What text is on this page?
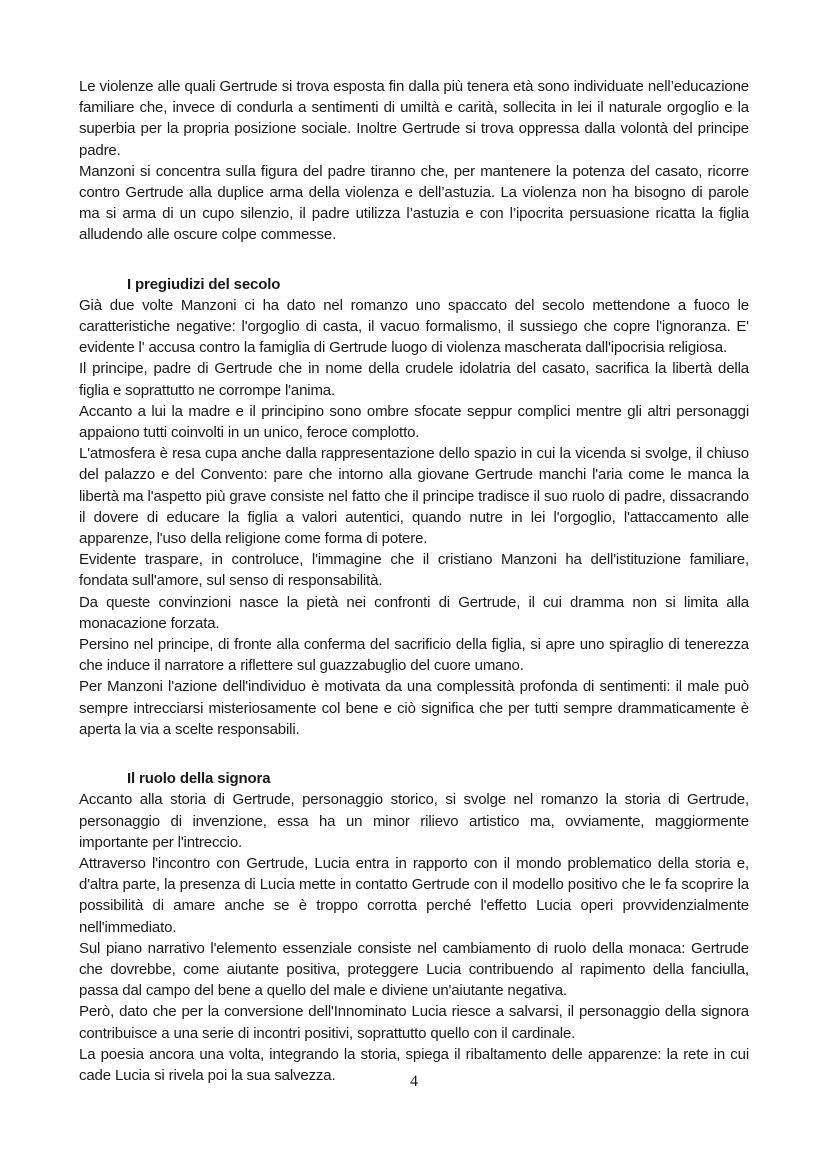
Le violenze alle quali Gertrude si trova esposta fin dalla più tenera età sono individuate nell’educazione familiare che, invece di condurla a sentimenti di umiltà e carità, sollecita in lei il naturale orgoglio e la superbia per la propria posizione sociale. Inoltre Gertrude si trova oppressa dalla volontà del principe padre.

Manzoni si concentra sulla figura del padre tiranno che, per mantenere la potenza del casato, ricorre contro Gertrude alla duplice arma della violenza e dell’astuzia. La violenza non ha bisogno di parole ma si arma di un cupo silenzio, il padre utilizza l’astuzia e con l’ipocrita persuasione ricatta la figlia alludendo alle oscure colpe commesse.

I pregiudizi del secolo

Già due volte Manzoni ci ha dato nel romanzo uno spaccato del secolo mettendone a fuoco le caratteristiche negative: l'orgoglio di casta, il vacuo formalismo, il sussiego che copre l'ignoranza. E' evidente l' accusa contro la famiglia di Gertrude luogo di violenza mascherata dall'ipocrisia religiosa.

Il principe, padre di Gertrude che in nome della crudele idolatria del casato, sacrifica la libertà della figlia e soprattutto ne corrompe l'anima.

Accanto a lui la madre e il principino sono ombre sfocate seppur complici mentre gli altri personaggi appaiono tutti coinvolti in un unico, feroce complotto.

L'atmosfera è resa cupa anche dalla rappresentazione dello spazio in cui la vicenda si svolge, il chiuso del palazzo e del Convento: pare che intorno alla giovane Gertrude manchi l'aria come le manca la libertà ma l'aspetto più grave consiste nel fatto che il principe tradisce il suo ruolo di padre, dissacrando il dovere di educare la figlia a valori autentici, quando nutre in lei l'orgoglio, l'attaccamento alle apparenze, l'uso della religione come forma di potere.

Evidente traspare, in controluce, l'immagine che il cristiano Manzoni ha dell'istituzione familiare, fondata sull'amore, sul senso di responsabilità.

Da queste convinzioni nasce la pietà nei confronti di Gertrude, il cui dramma non si limita alla monacazione forzata.

Persino nel principe, di fronte alla conferma del sacrificio della figlia, si apre uno spiraglio di tenerezza che induce il narratore a riflettere sul guazzabuglio del cuore umano.

Per Manzoni l'azione dell'individuo è motivata da una complessità profonda di sentimenti: il male può sempre intrecciarsi misteriosamente col bene e ciò significa che per tutti sempre drammaticamente è aperta la via a scelte responsabili.

Il ruolo della signora

Accanto alla storia di Gertrude, personaggio storico, si svolge nel romanzo la storia di Gertrude, personaggio di invenzione, essa ha un minor rilievo artistico ma, ovviamente, maggiormente importante per l'intreccio.

Attraverso l'incontro con Gertrude, Lucia entra in rapporto con il mondo problematico della storia e, d'altra parte, la presenza di Lucia mette in contatto Gertrude con il modello positivo che le fa scoprire la possibilità di amare anche se è troppo corrotta perché l'effetto Lucia operi provvidenzialmente nell'immediato.

Sul piano narrativo l'elemento essenziale consiste nel cambiamento di ruolo della monaca: Gertrude che dovrebbe, come aiutante positiva, proteggere Lucia contribuendo al rapimento della fanciulla, passa dal campo del bene a quello del male e diviene un'aiutante negativa.

Però, dato che per la conversione dell'Innominato Lucia riesce a salvarsi, il personaggio della signora contribuisce a una serie di incontri positivi, soprattutto quello con il cardinale.

La poesia ancora una volta, integrando la storia, spiega il ribaltamento delle apparenze: la rete in cui cade Lucia si rivela poi la sua salvezza.	4
